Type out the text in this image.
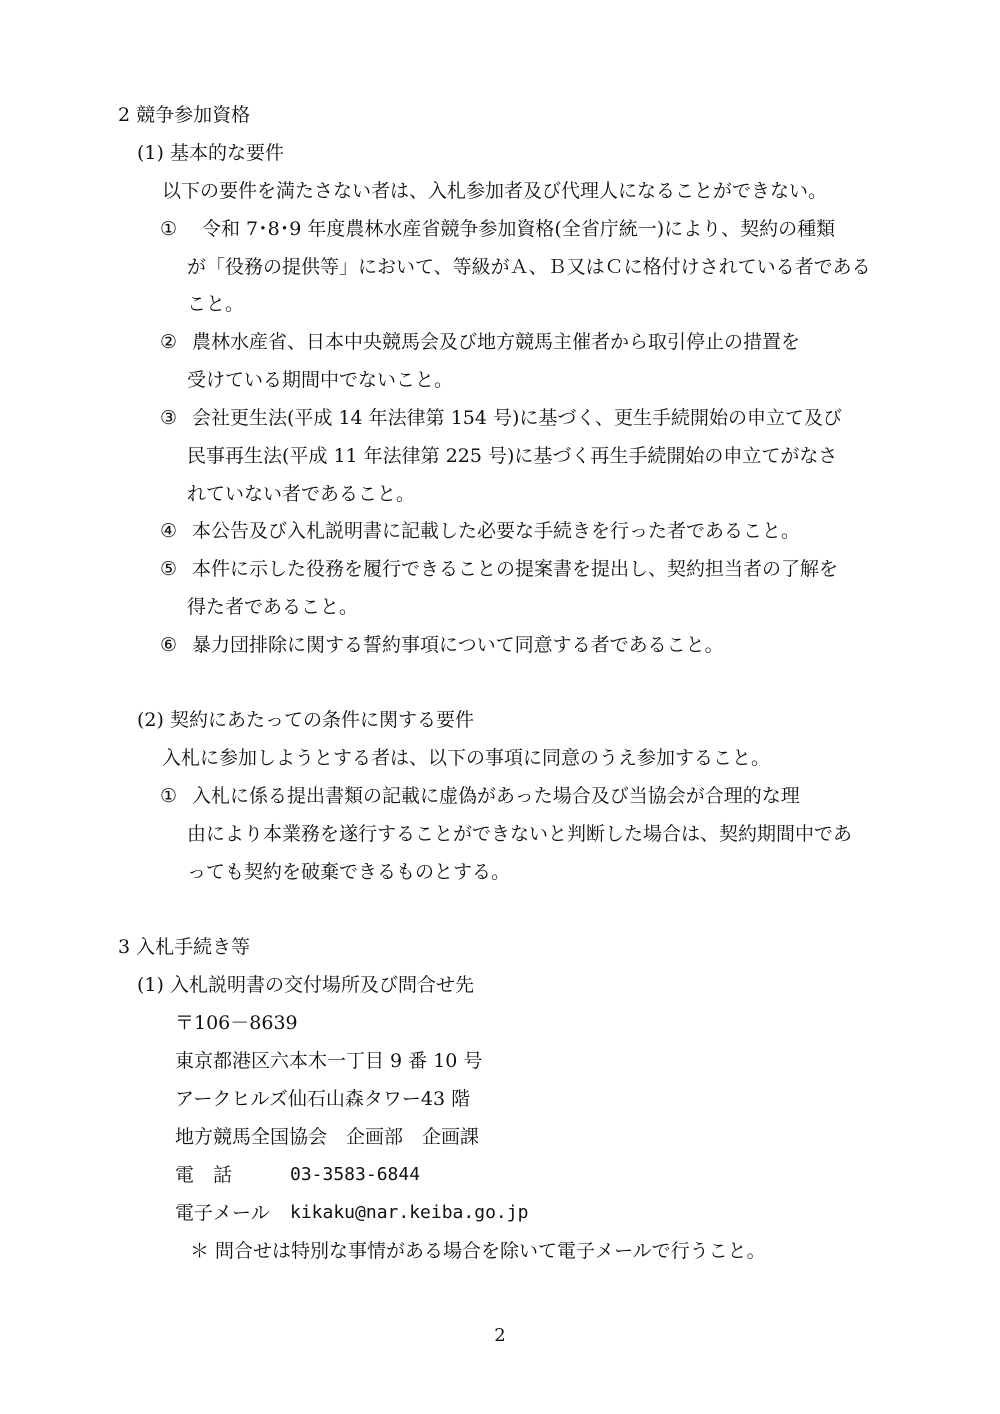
2 競争参加資格
(1) 基本的な要件
以下の要件を満たさない者は、入札参加者及び代理人になることができない。
① 令和 7･8･9 年度農林水産省競争参加資格(全省庁統一)により、契約の種類
が「役務の提供等」において、等級がＡ、Ｂ又はＣに格付けされている者である
こと。
② 農林水産省、日本中央競馬会及び地方競馬主催者から取引停止の措置を
受けている期間中でないこと。
③ 会社更生法(平成 14 年法律第 154 号)に基づく、更生手続開始の申立て及び
民事再生法(平成 11 年法律第 225 号)に基づく再生手続開始の申立てがなさ
れていない者であること。
④ 本公告及び入札説明書に記載した必要な手続きを行った者であること。
⑤ 本件に示した役務を履行できることの提案書を提出し、契約担当者の了解を
得た者であること。
⑥ 暴力団排除に関する誓約事項について同意する者であること。
(2) 契約にあたっての条件に関する要件
入札に参加しようとする者は、以下の事項に同意のうえ参加すること。
① 入札に係る提出書類の記載に虚偽があった場合及び当協会が合理的な理
由により本業務を遂行することができないと判断した場合は、契約期間中であ
っても契約を破棄できるものとする。
3 入札手続き等
(1) 入札説明書の交付場所及び問合せ先
〒106－8639
東京都港区六本木一丁目 9 番 10 号
アークヒルズ仙石山森タワー43 階
地方競馬全国協会　企画部　企画課
電　話	03-3583-6844
電子メール kikaku@nar.keiba.go.jp
＊ 問合せは特別な事情がある場合を除いて電子メールで行うこと。
2
